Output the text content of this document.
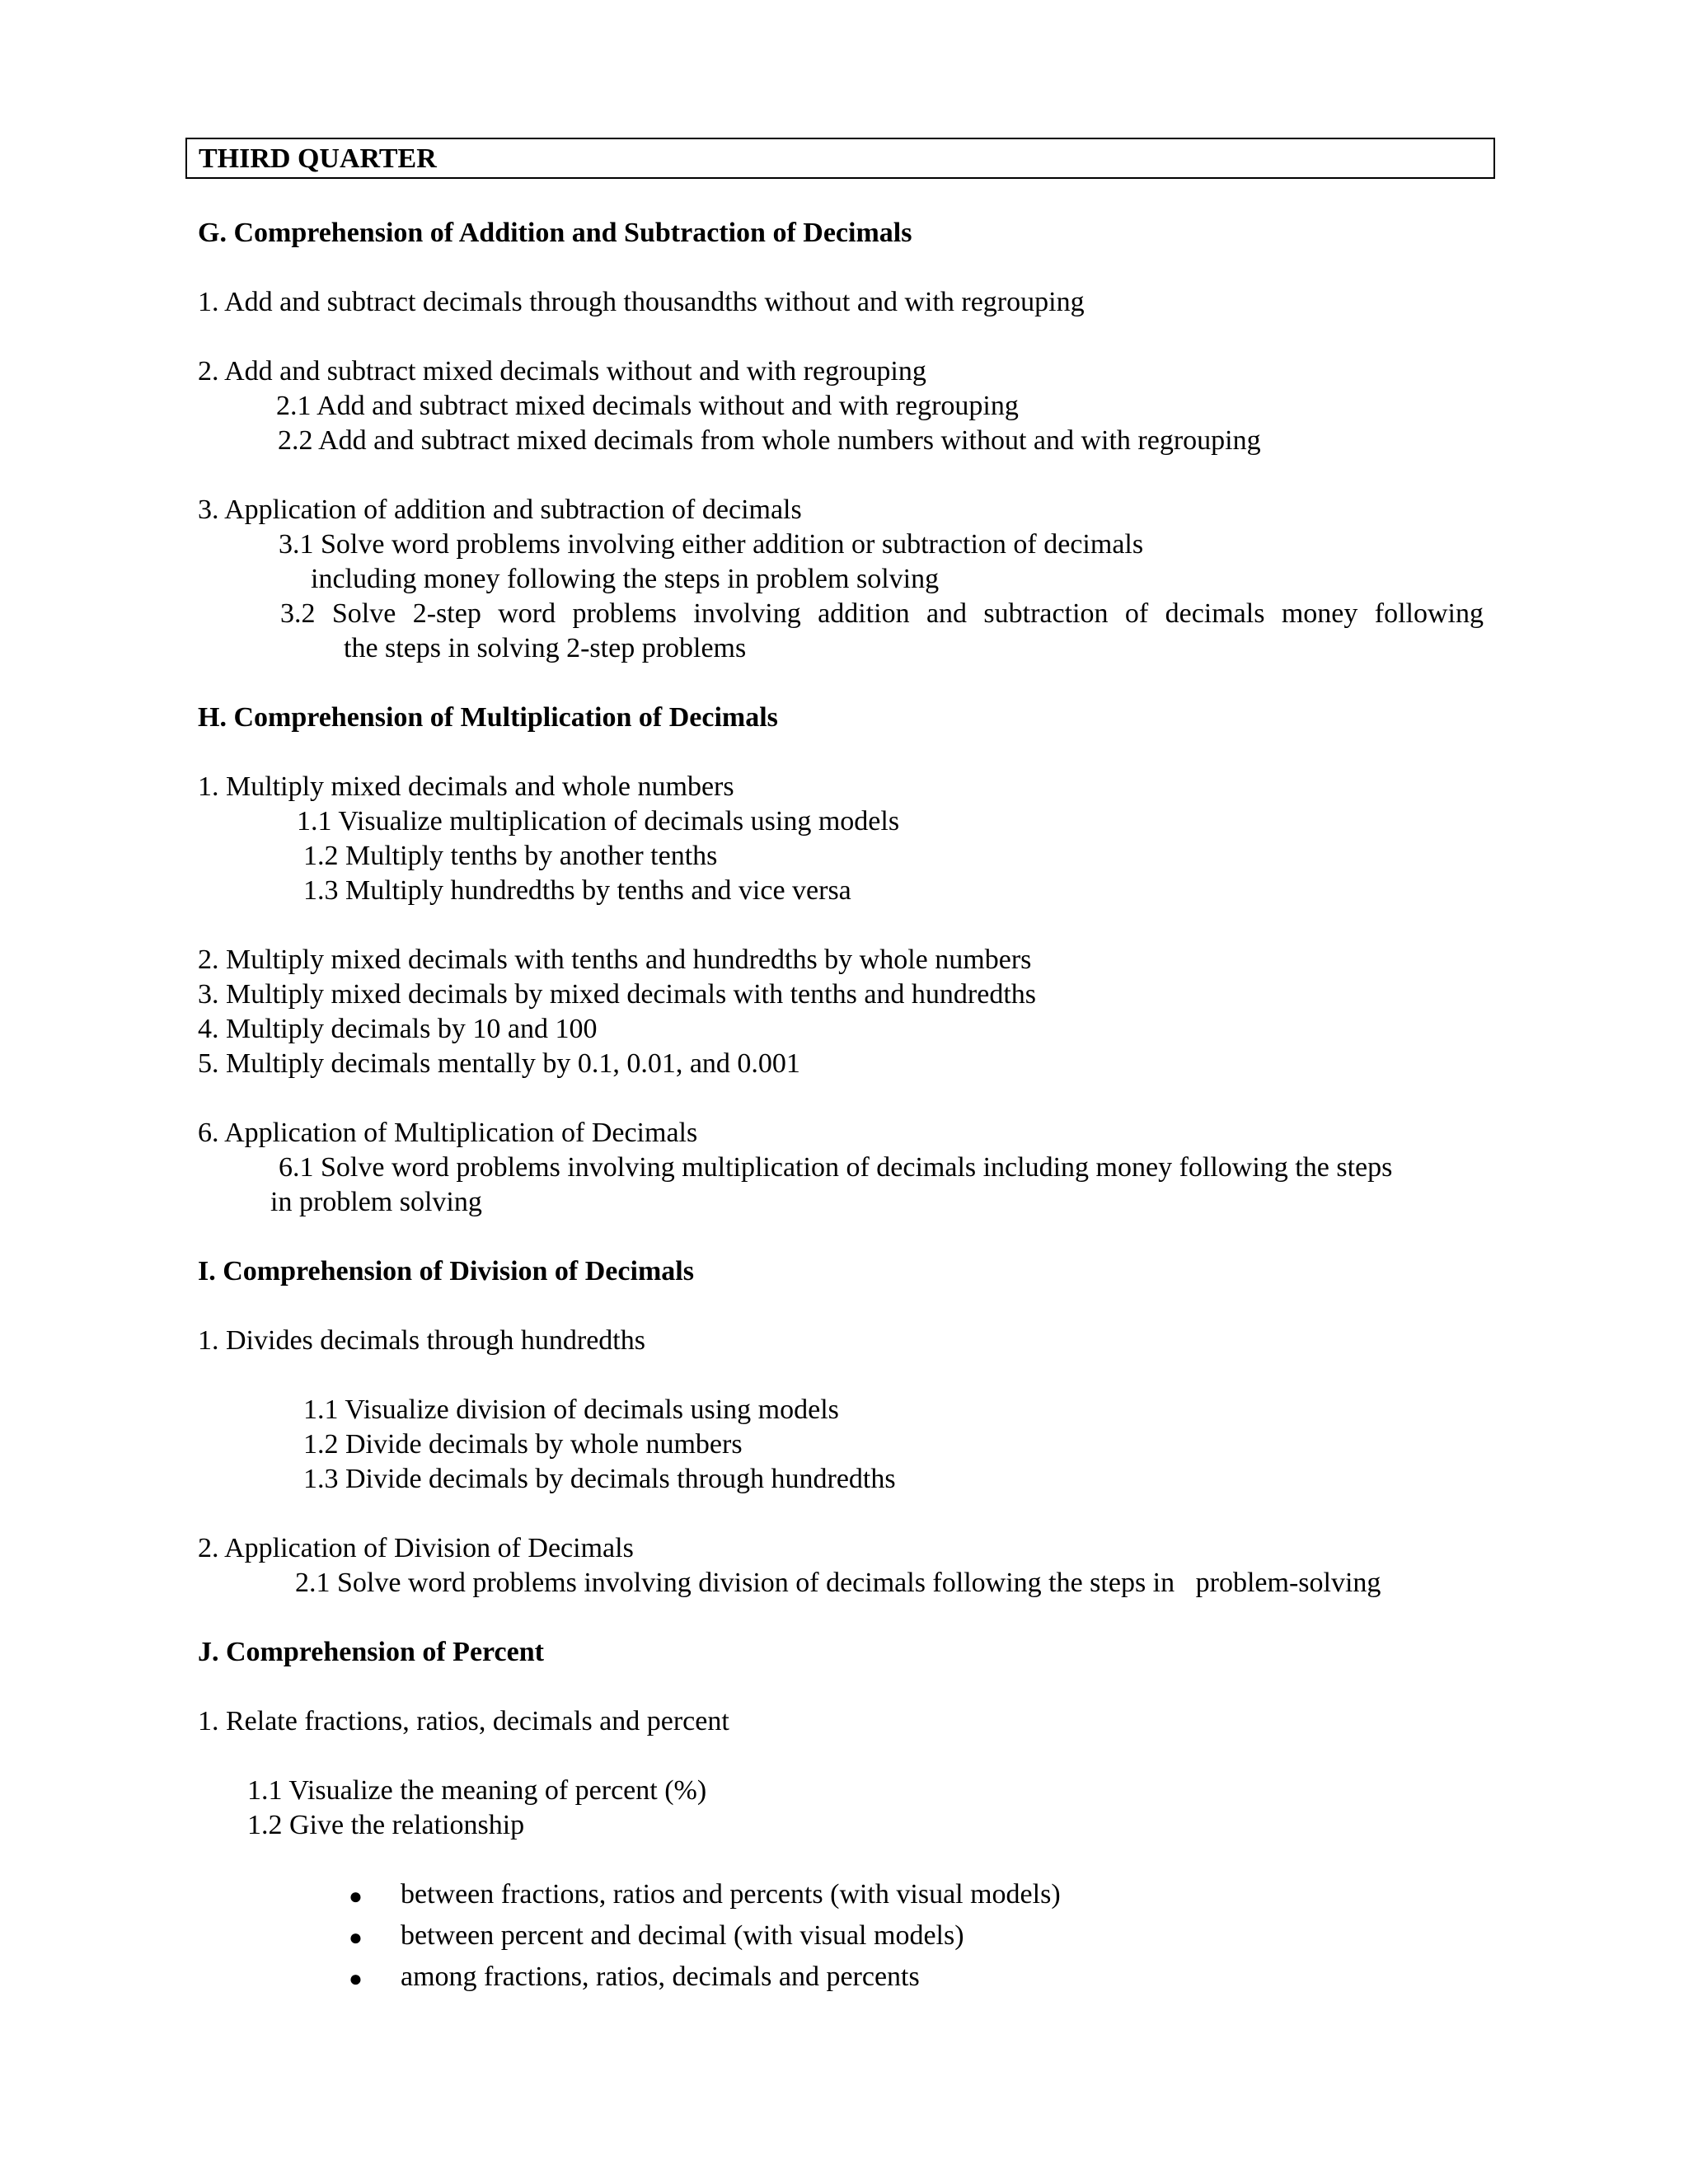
THIRD QUARTER
G. Comprehension of Addition and Subtraction of Decimals
1. Add and subtract decimals through thousandths without and with regrouping
2. Add and subtract mixed decimals without and with regrouping
2.1 Add and subtract mixed decimals without and with regrouping
2.2 Add and subtract mixed decimals from whole numbers without and with regrouping
3. Application of addition and subtraction of decimals
3.1 Solve word problems involving either addition or subtraction of decimals
including money following the steps in problem solving
3.2 Solve 2-step word problems involving addition and subtraction of decimals money following
the steps in solving 2-step problems
H. Comprehension of Multiplication of Decimals
1. Multiply mixed decimals and whole numbers
1.1 Visualize multiplication of decimals using models
1.2 Multiply tenths by another tenths
1.3 Multiply hundredths by tenths and vice versa
2. Multiply mixed decimals with tenths and hundredths by whole numbers
3. Multiply mixed decimals by mixed decimals with tenths and hundredths
4. Multiply decimals by 10 and 100
5. Multiply decimals mentally by 0.1, 0.01, and 0.001
6. Application of Multiplication of Decimals
6.1 Solve word problems involving multiplication of decimals including money following the steps
in problem solving
I. Comprehension of Division of Decimals
1. Divides decimals through hundredths
1.1 Visualize division of decimals using models
1.2 Divide decimals by whole numbers
1.3 Divide decimals by decimals through hundredths
2. Application of Division of Decimals
2.1 Solve word problems involving division of decimals following the steps in   problem-solving
J. Comprehension of Percent
1. Relate fractions, ratios, decimals and percent
1.1 Visualize the meaning of percent (%)
1.2 Give the relationship
● between fractions, ratios and percents (with visual models)
● between percent and decimal (with visual models)
● among fractions, ratios, decimals and percents
